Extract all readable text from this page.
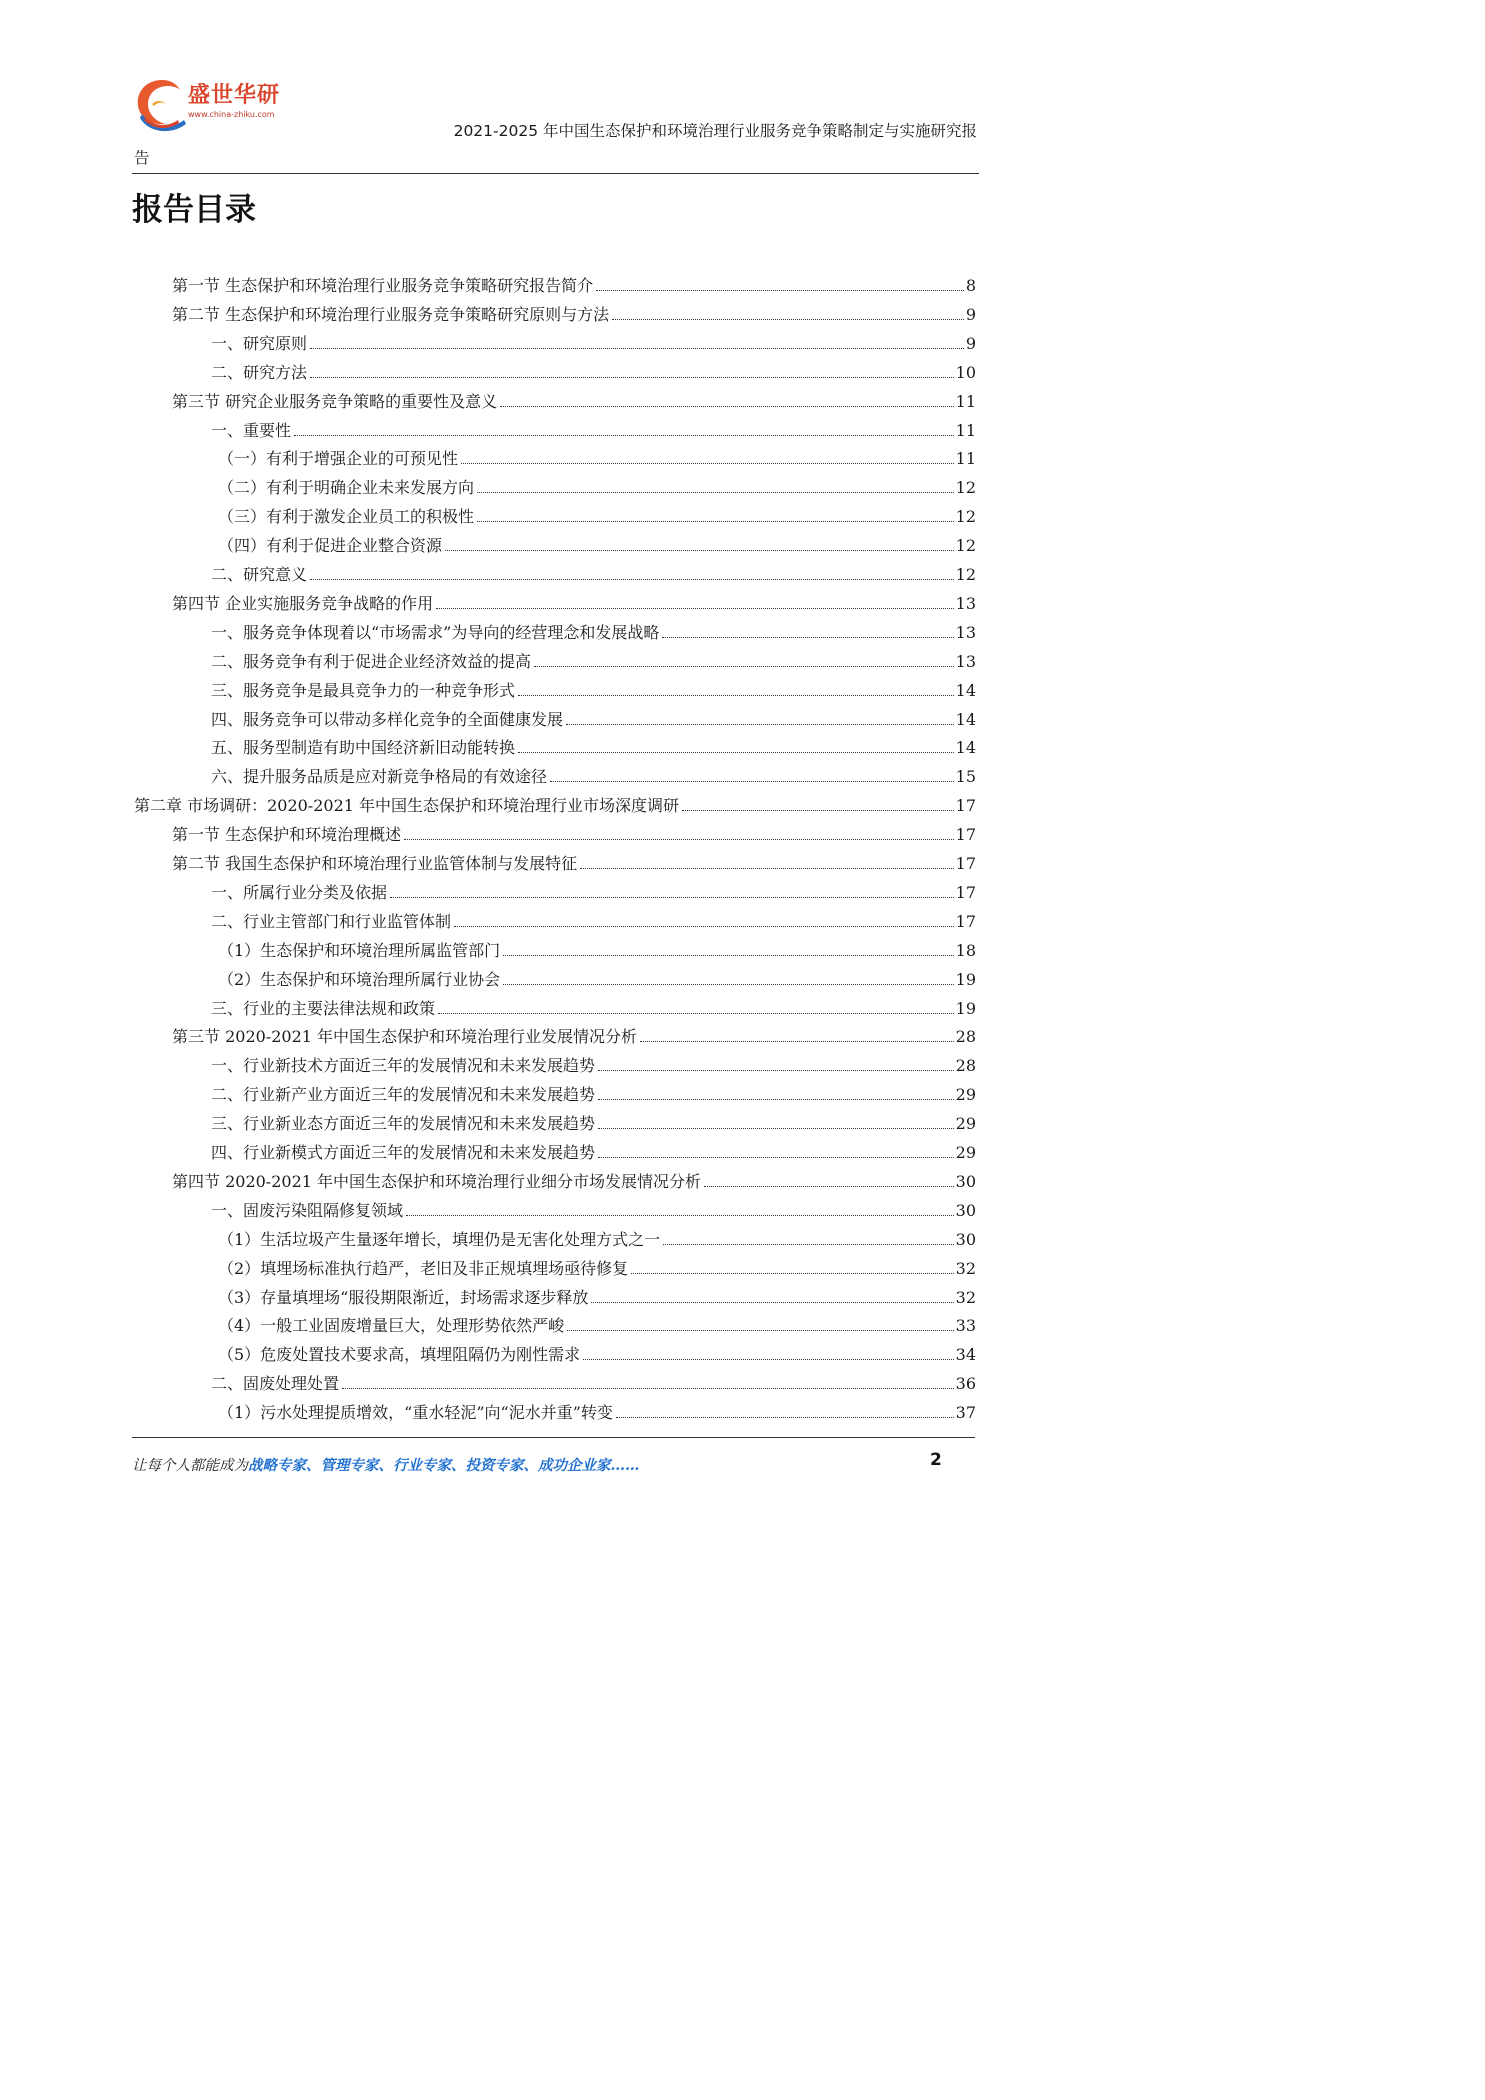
盛世华研
www.china-zhiku.com
2021-2025 年中国生态保护和环境治理行业服务竞争策略制定与实施研究报
告
报告目录
第一节 生态保护和环境治理行业服务竞争策略研究报告简介	8
第二节 生态保护和环境治理行业服务竞争策略研究原则与方法	9
一、研究原则	9
二、研究方法	10
第三节 研究企业服务竞争策略的重要性及意义	11
一、重要性	11
（一）有利于增强企业的可预见性	11
（二）有利于明确企业未来发展方向	12
（三）有利于激发企业员工的积极性	12
（四）有利于促进企业整合资源	12
二、研究意义	12
第四节 企业实施服务竞争战略的作用	13
一、服务竞争体现着以“市场需求”为导向的经营理念和发展战略	13
二、服务竞争有利于促进企业经济效益的提高	13
三、服务竞争是最具竞争力的一种竞争形式	14
四、服务竞争可以带动多样化竞争的全面健康发展	14
五、服务型制造有助中国经济新旧动能转换	14
六、提升服务品质是应对新竞争格局的有效途径	15
第二章 市场调研：2020-2021 年中国生态保护和环境治理行业市场深度调研	17
第一节 生态保护和环境治理概述	17
第二节 我国生态保护和环境治理行业监管体制与发展特征	17
一、所属行业分类及依据	17
二、行业主管部门和行业监管体制	17
（1）生态保护和环境治理所属监管部门	18
（2）生态保护和环境治理所属行业协会	19
三、行业的主要法律法规和政策	19
第三节 2020-2021 年中国生态保护和环境治理行业发展情况分析	28
一、行业新技术方面近三年的发展情况和未来发展趋势	28
二、行业新产业方面近三年的发展情况和未来发展趋势	29
三、行业新业态方面近三年的发展情况和未来发展趋势	29
四、行业新模式方面近三年的发展情况和未来发展趋势	29
第四节 2020-2021 年中国生态保护和环境治理行业细分市场发展情况分析	30
一、固废污染阻隔修复领域	30
（1）生活垃圾产生量逐年增长，填埋仍是无害化处理方式之一	30
（2）填埋场标准执行趋严，老旧及非正规填埋场亟待修复	32
（3）存量填埋场“服役期限渐近，封场需求逐步释放	32
（4）一般工业固废增量巨大，处理形势依然严峻	33
（5）危废处置技术要求高，填埋阻隔仍为刚性需求	34
二、固废处理处置	36
（1）污水处理提质增效，“重水轻泥”向“泥水并重”转变	37
让每个人都能成为战略专家、管理专家、行业专家、投资专家、成功企业家……	2
